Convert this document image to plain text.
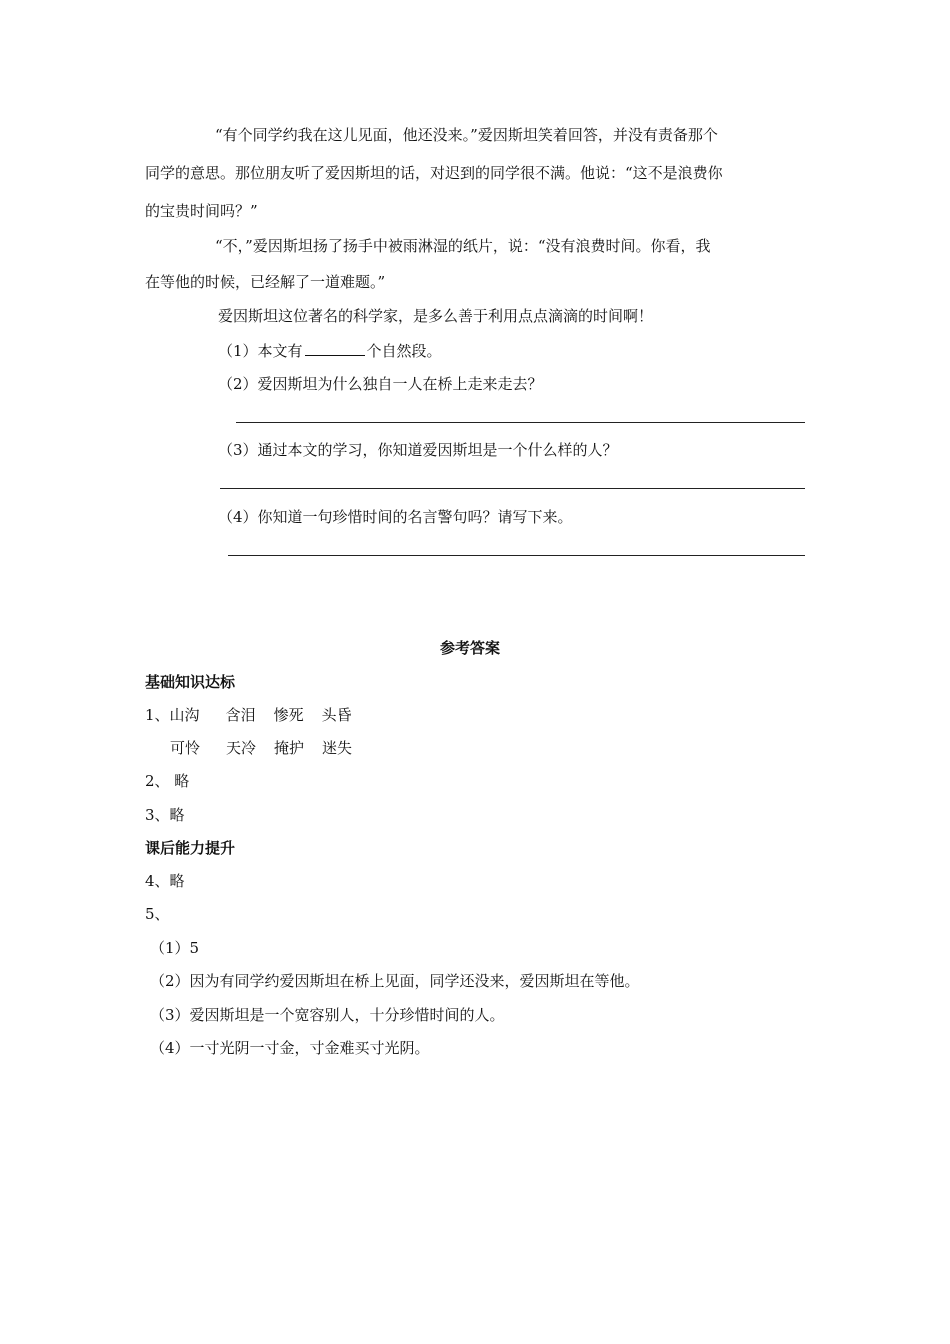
“有个同学约我在这儿见面，他还没来。”爱因斯坦笑着回答，并没有责备那个
同学的意思。那位朋友听了爱因斯坦的话，对迟到的同学很不满。他说：“这不是浪费你
的宝贵时间吗？”
“不，”爱因斯坦扬了扬手中被雨淋湿的纸片，说：“没有浪费时间。你看，我
在等他的时候，已经解了一道难题。”
爱因斯坦这位著名的科学家，是多么善于利用点点滴滴的时间啊！
（1）本文有	个自然段。
（2）爱因斯坦为什么独自一人在桥上走来走去？
（3）通过本文的学习，你知道爱因斯坦是一个什么样的人？
（4）你知道一句珍惜时间的名言警句吗？请写下来。
参考答案
基础知识达标
1、山沟 含泪 惨死 头昏
可怜 天冷 掩护 迷失
2、 略
3、略
课后能力提升
4、略
5、
（1）5
（2）因为有同学约爱因斯坦在桥上见面，同学还没来，爱因斯坦在等他。
（3）爱因斯坦是一个宽容别人，十分珍惜时间的人。
（4）一寸光阴一寸金，寸金难买寸光阴。
